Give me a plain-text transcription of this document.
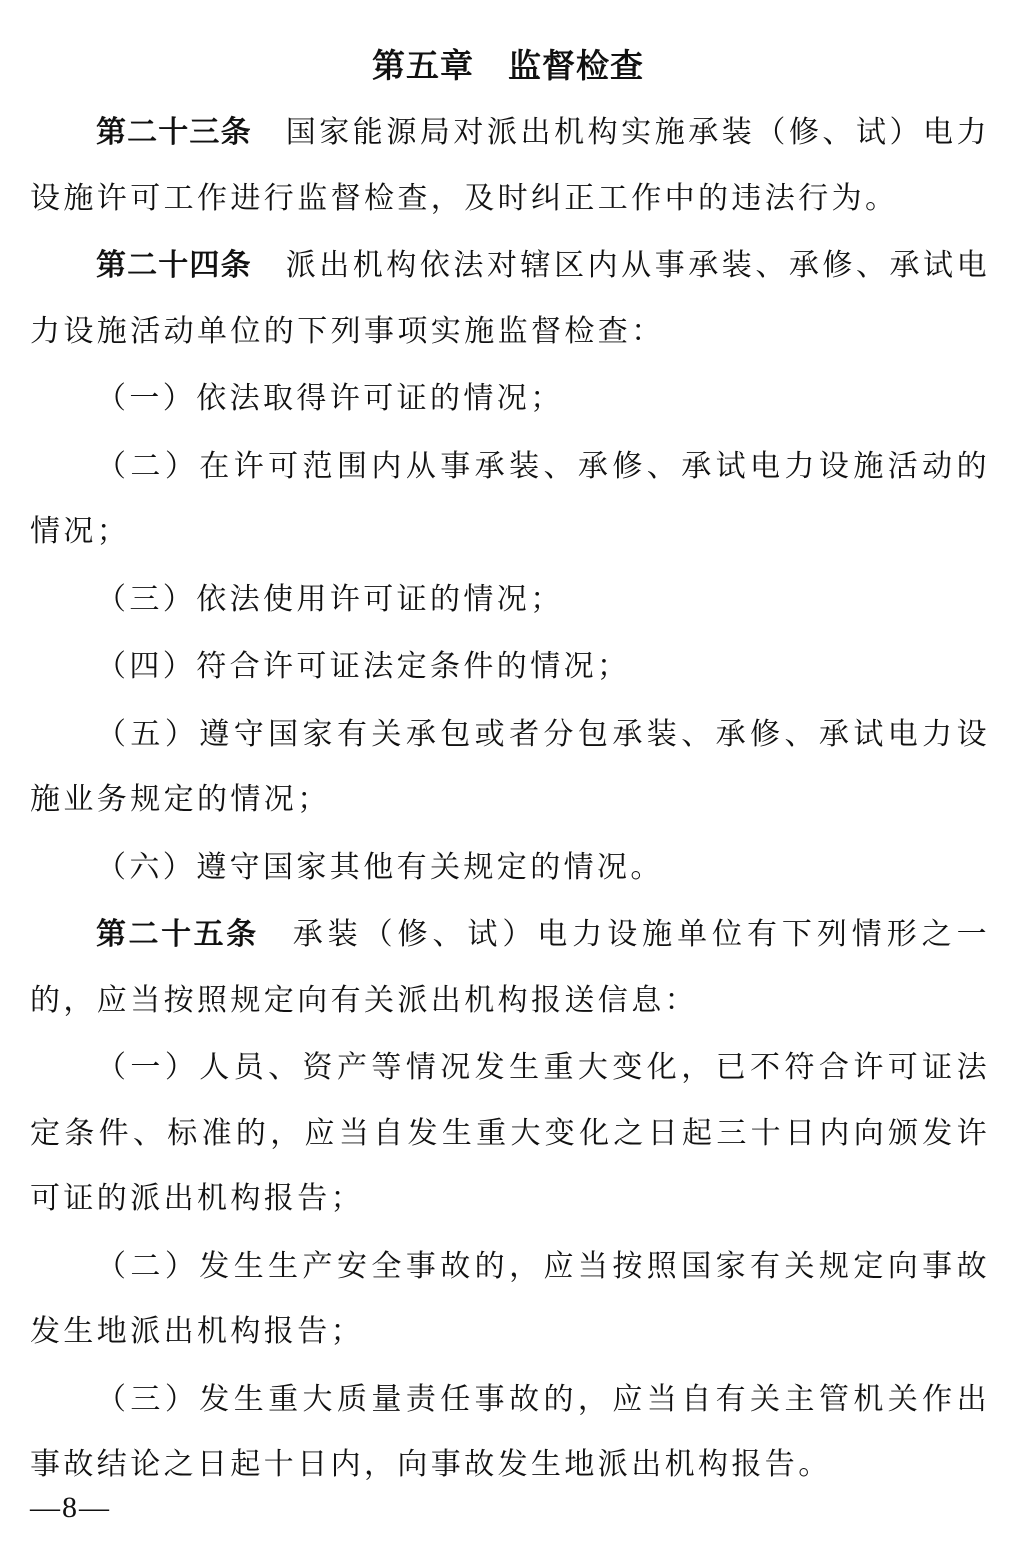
第五章　监督检查

第二十三条 国家能源局对派出机构实施承装（修、试）电力设施许可工作进行监督检查，及时纠正工作中的违法行为。

第二十四条 派出机构依法对辖区内从事承装、承修、承试电力设施活动单位的下列事项实施监督检查：

（一）依法取得许可证的情况；

（二）在许可范围内从事承装、承修、承试电力设施活动的情况；

（三）依法使用许可证的情况；

（四）符合许可证法定条件的情况；

（五）遵守国家有关承包或者分包承装、承修、承试电力设施业务规定的情况；

（六）遵守国家其他有关规定的情况。

第二十五条 承装（修、试）电力设施单位有下列情形之一的，应当按照规定向有关派出机构报送信息：

（一）人员、资产等情况发生重大变化，已不符合许可证法定条件、标准的，应当自发生重大变化之日起三十日内向颁发许可证的派出机构报告；

（二）发生生产安全事故的，应当按照国家有关规定向事故发生地派出机构报告；

（三）发生重大质量责任事故的，应当自有关主管机关作出事故结论之日起十日内，向事故发生地派出机构报告。

—8—
